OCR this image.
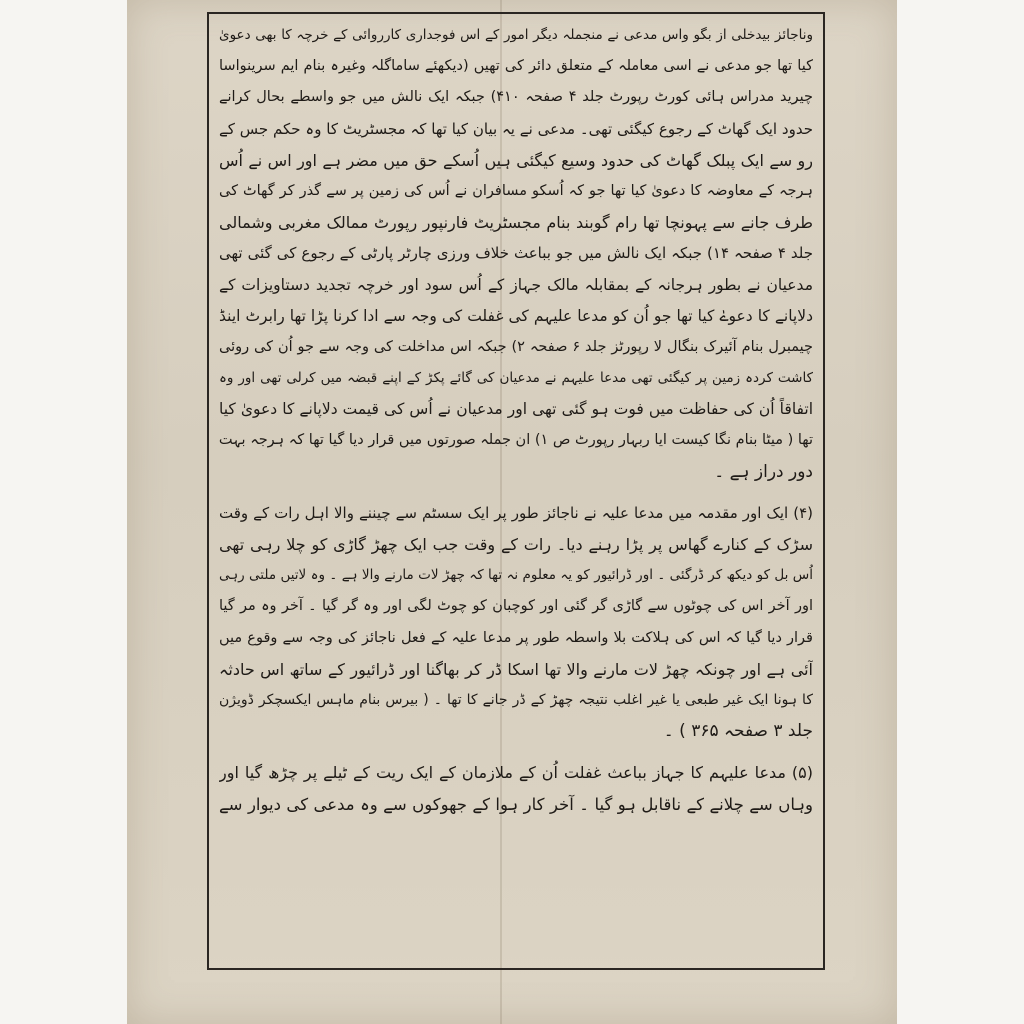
وناجائز بیدخلی از بگو واس مدعی نے منجملہ دیگر امور کے اس فوجداری کارروائی کے خرچہ کا بھی دعویٰ
کیا تھا جو مدعی نے اسی معاملہ کے متعلق دائر کی تھیں (دیکھئے ساماگلہ وغیرہ بنام ایم سرینواسا
چیرید مدراس ہائی کورٹ رپورٹ جلد ۴ صفحہ ۴۱۰) جبکہ ایک نالش میں جو واسطے بحال کرانے
حدود ایک گھاٹ کے رجوع کیگئی تھی۔ مدعی نے یہ بیان کیا تھا کہ مجسٹریٹ کا وہ حکم جس کے
رو سے ایک پبلک گھاٹ کی حدود وسیع کیگئی ہیں اُسکے حق میں مضر ہے اور اس نے اُس
ہرجہ کے معاوضہ کا دعویٰ کیا تھا جو کہ اُسکو مسافران نے اُس کی زمین پر سے گذر کر گھاٹ کی
طرف جانے سے پہونچا تھا رام گوبند بنام مجسٹریٹ فارنپور رپورٹ ممالک مغربی وشمالی
جلد ۴ صفحہ ۱۴) جبکہ ایک نالش میں جو بباعث خلاف ورزی چارٹر پارٹی کے رجوع کی گئی تھی
مدعیان نے بطور ہرجانہ کے بمقابلہ مالک جہاز کے اُس سود اور خرچہ تجدید دستاویزات کے
دلاپانے کا دعوےٰ کیا تھا جو اُن کو مدعا علیہم کی غفلت کی وجہ سے ادا کرنا پڑا تھا رابرٹ اینڈ
چیمبرل بنام آئیرک بنگال لا رپورٹز جلد ۶ صفحہ ۲) جبکہ اس مداخلت کی وجہ سے جو اُن کی روئی
کاشت کردہ زمین پر کیگئی تھی مدعا علیہم نے مدعیان کی گائے پکڑ کے اپنے قبضہ میں کرلی تھی اور وہ
اتفاقاً اُن کی حفاظت میں فوت ہو گئی تھی اور مدعیان نے اُس کی قیمت دلاپانے کا دعویٰ کیا
تھا ( میٹا بنام نگا کیست ایا ربہار رپورٹ ص ۱) ان جملہ صورتوں میں قرار دیا گیا تھا کہ ہرجہ بہت
دور دراز ہے ۔
(۴) ایک اور مقدمہ میں مدعا علیہ نے ناجائز طور پر ایک سسٹم سے چیننے والا اہل رات کے وقت
سڑک کے کنارے گھاس پر پڑا رہنے دیا۔ رات کے وقت جب ایک چھڑ گاڑی کو چلا رہی تھی
اُس بل کو دیکھ کر ڈرگئی ۔ اور ڈرائیور کو یہ معلوم نہ تھا کہ چھڑ لات مارنے والا ہے ۔ وہ لاتیں ملتی رہی
اور آخر اس کی چوٹوں سے گاڑی گر گئی اور کوچبان کو چوٹ لگی اور وہ گر گیا ۔ آخر وہ مر گیا
قرار دیا گیا کہ اس کی ہلاکت بلا واسطہ طور پر مدعا علیہ کے فعل ناجائز کی وجہ سے وقوع میں
آئی ہے اور چونکہ چھڑ لات مارنے والا تھا اسکا ڈر کر بھاگنا اور ڈرائیور کے ساتھ اس حادثہ
کا ہونا ایک غیر طبعی یا غیر اغلب نتیجہ چھڑ کے ڈر جانے کا تھا ۔ ( بیرس بنام ماہس ایکسچکر ڈویژن
جلد ۳ صفحہ ۳۶۵ ) ۔
(۵) مدعا علیہم کا جہاز بباعث غفلت اُن کے ملازمان کے ایک ریت کے ٹیلے پر چڑھ گیا اور
وہاں سے چلانے کے ناقابل ہو گیا ۔ آخر کار ہوا کے جھوکوں سے وہ مدعی کی دیوار سے
